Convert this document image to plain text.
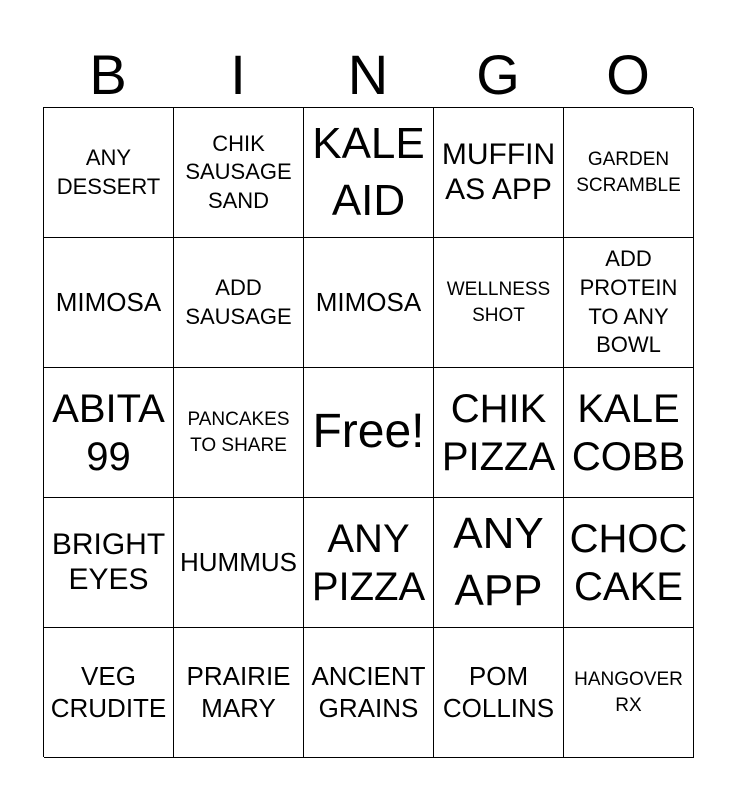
B	I	N	G	O
ANY
DESSERT
CHIK
SAUSAGE
SAND
KALE
AID
MUFFIN
AS APP
GARDEN
SCRAMBLE
MIMOSA	ADD
SAUSAGE MIMOSA WELLNESS
SHOT
ADD
PROTEIN
TO ANY
BOWL
ABITA
99
PANCAKES
TO SHARE Free! CHIK
PIZZA
KALE
COBB
BRIGHT
EYES
HUMMUS
ANY
PIZZA
ANY
APP
CHOC
CAKE
VEG
CRUDITE
PRAIRIE
MARY
ANCIENT
GRAINS
POM
COLLINS
HANGOVER
RX
